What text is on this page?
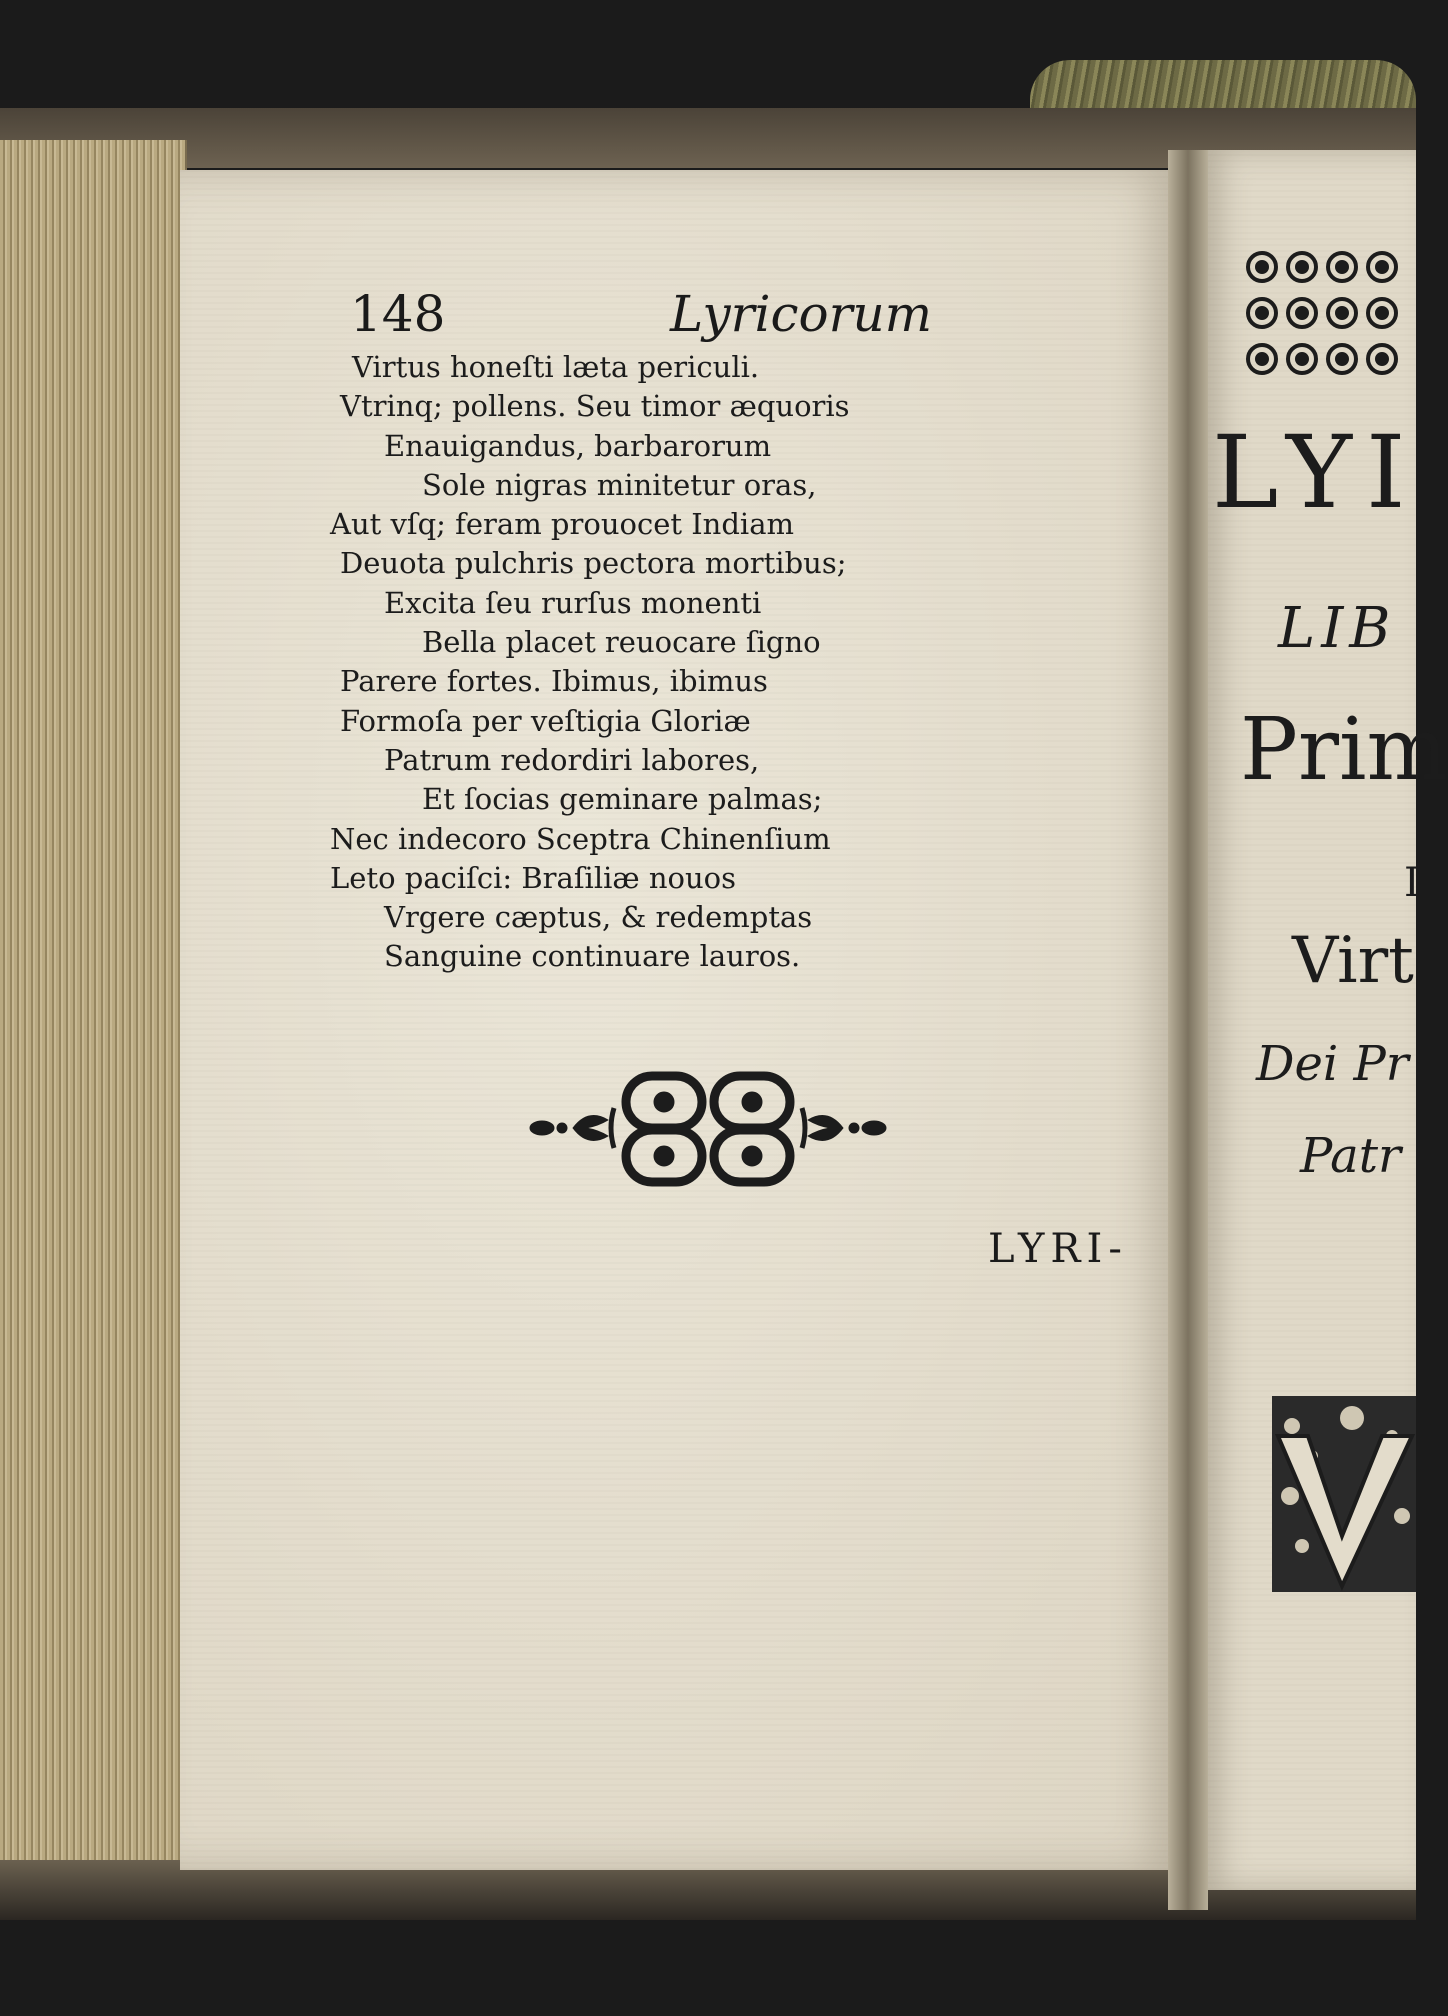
148	Lyricorum

Virtus honeſti læta periculi.
Vtrinq; pollens. Seu timor æquoris
Enauigandus, barbarorum
Sole nigras minitetur oras,
Aut vſq; feram prouocet Indiam
Deuota pulchris pectora mortibus;
Excita ſeu rurſus monenti
Bella placet reuocare ſigno
Parere fortes. Ibimus, ibimus
Formoſa per veſtigia Gloriæ
Patrum redordiri labores,
Et ſocias geminare palmas;
Nec indecoro Sceptra Chinenſium
Leto paciſci: Braſiliæ nouos
Vrgere cæptus, & redemptas
Sanguine continuare lauros.

LYRI-

LYI

LIB

Prim

I

Virt

Dei Pr

Patr
